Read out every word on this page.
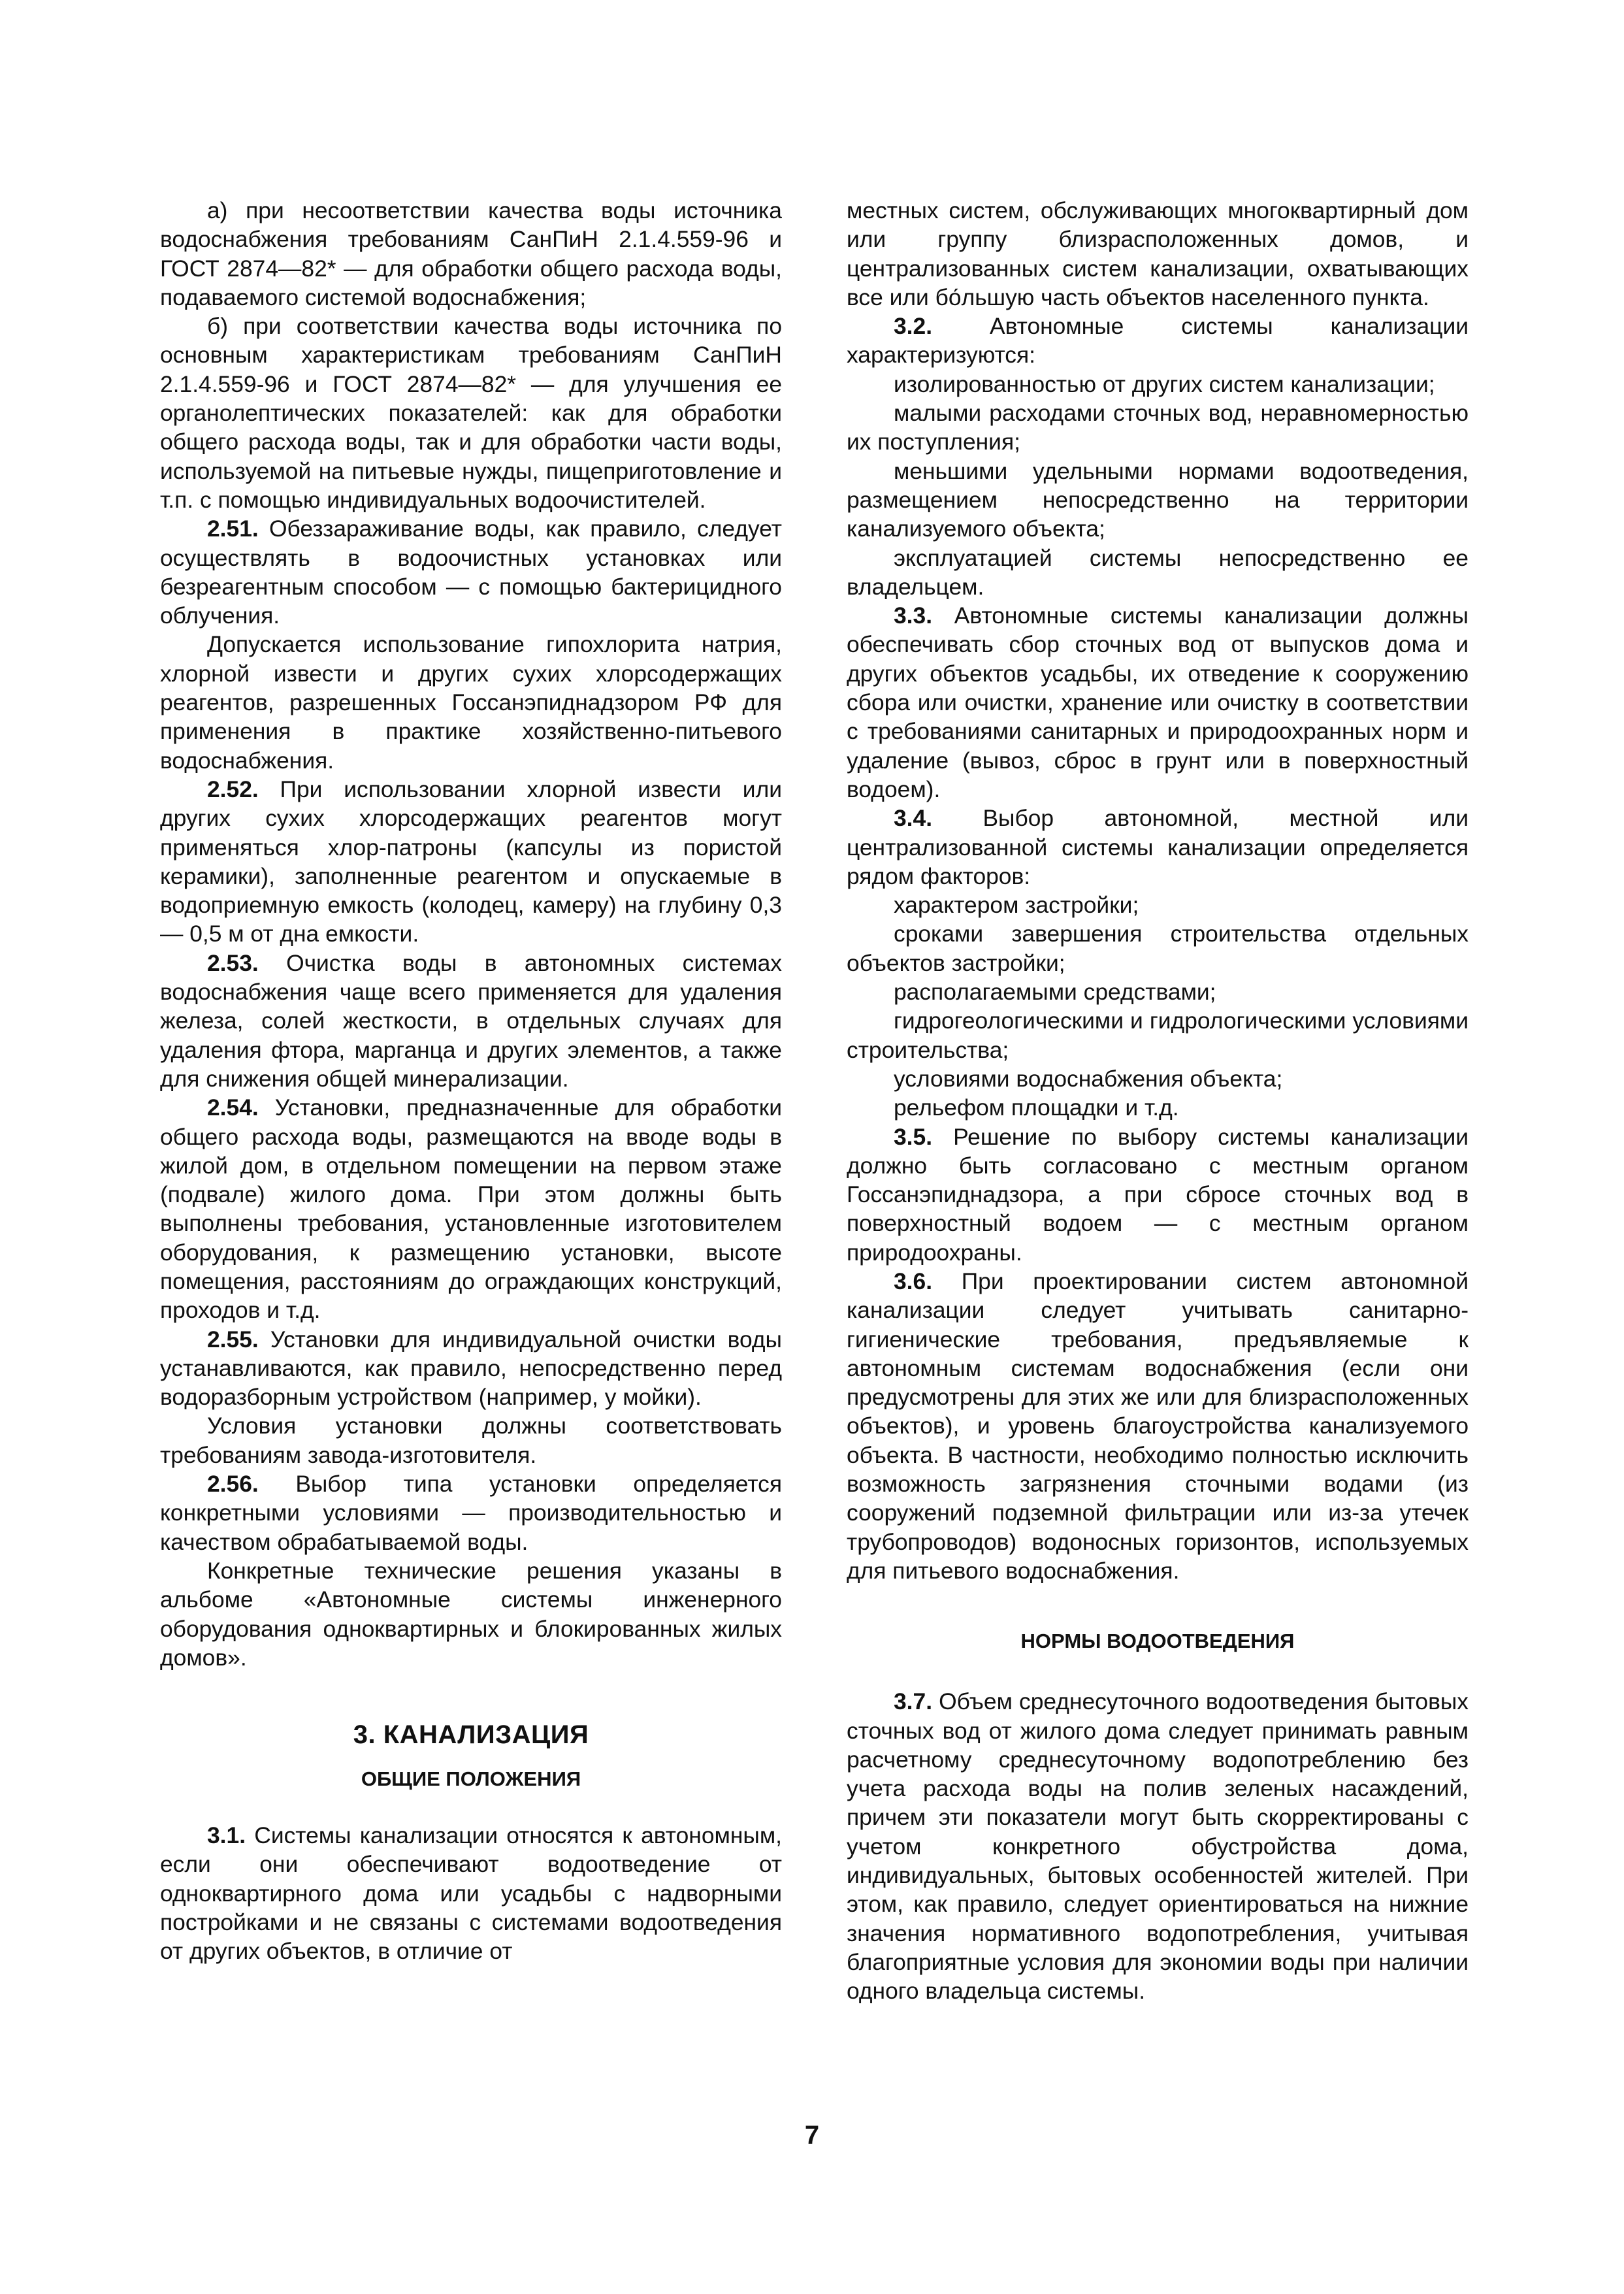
а) при несоответствии качества воды источника водоснабжения требованиям СанПиН 2.1.4.559-96 и ГОСТ 2874—82* — для обработки общего расхода воды, подаваемого системой водоснабжения;

б) при соответствии качества воды источника по основным характеристикам требованиям СанПиН 2.1.4.559-96 и ГОСТ 2874—82* — для улучшения ее органолептических показателей: как для обработки общего расхода воды, так и для обработки части воды, используемой на питьевые нужды, пищеприготовление и т.п. с помощью индивидуальных водоочистителей.

2.51. Обеззараживание воды, как правило, следует осуществлять в водоочистных установках или безреагентным способом — с помощью бактерицидного облучения.

Допускается использование гипохлорита натрия, хлорной извести и других сухих хлорсодержащих реагентов, разрешенных Госсанэпиднадзором РФ для применения в практике хозяйственно-питьевого водоснабжения.

2.52. При использовании хлорной извести или других сухих хлорсодержащих реагентов могут применяться хлор-патроны (капсулы из пористой керамики), заполненные реагентом и опускаемые в водоприемную емкость (колодец, камеру) на глубину 0,3 — 0,5 м от дна емкости.

2.53. Очистка воды в автономных системах водоснабжения чаще всего применяется для удаления железа, солей жесткости, в отдельных случаях для удаления фтора, марганца и других элементов, а также для снижения общей минерализации.

2.54. Установки, предназначенные для обработки общего расхода воды, размещаются на вводе воды в жилой дом, в отдельном помещении на первом этаже (подвале) жилого дома. При этом должны быть выполнены требования, установленные изготовителем оборудования, к размещению установки, высоте помещения, расстояниям до ограждающих конструкций, проходов и т.д.

2.55. Установки для индивидуальной очистки воды устанавливаются, как правило, непосредственно перед водоразборным устройством (например, у мойки).

Условия установки должны соответствовать требованиям завода-изготовителя.

2.56. Выбор типа установки определяется конкретными условиями — производительностью и качеством обрабатываемой воды.

Конкретные технические решения указаны в альбоме «Автономные системы инженерного оборудования одноквартирных и блокированных жилых домов».

3. КАНАЛИЗАЦИЯ
ОБЩИЕ ПОЛОЖЕНИЯ

3.1. Системы канализации относятся к автономным, если они обеспечивают водоотведение от одноквартирного дома или усадьбы с надворными постройками и не связаны с системами водоотведения от других объектов, в отличие от

местных систем, обслуживающих многоквартирный дом или группу близрасположенных домов, и централизованных систем канализации, охватывающих все или бо́льшую часть объектов населенного пункта.

3.2. Автономные системы канализации характеризуются:

изолированностью от других систем канализации;

малыми расходами сточных вод, неравномерностью их поступления;

меньшими удельными нормами водоотведения, размещением непосредственно на территории канализуемого объекта;

эксплуатацией системы непосредственно ее владельцем.

3.3. Автономные системы канализации должны обеспечивать сбор сточных вод от выпусков дома и других объектов усадьбы, их отведение к сооружению сбора или очистки, хранение или очистку в соответствии с требованиями санитарных и природоохранных норм и удаление (вывоз, сброс в грунт или в поверхностный водоем).

3.4. Выбор автономной, местной или централизованной системы канализации определяется рядом факторов:

характером застройки;

сроками завершения строительства отдельных объектов застройки;

располагаемыми средствами;

гидрогеологическими и гидрологическими условиями строительства;

условиями водоснабжения объекта;

рельефом площадки и т.д.

3.5. Решение по выбору системы канализации должно быть согласовано с местным органом Госсанэпиднадзора, а при сбросе сточных вод в поверхностный водоем — с местным органом природоохраны.

3.6. При проектировании систем автономной канализации следует учитывать санитарно-гигиенические требования, предъявляемые к автономным системам водоснабжения (если они предусмотрены для этих же или для близрасположенных объектов), и уровень благоустройства канализуемого объекта. В частности, необходимо полностью исключить возможность загрязнения сточными водами (из сооружений подземной фильтрации или из-за утечек трубопроводов) водоносных горизонтов, используемых для питьевого водоснабжения.

НОРМЫ ВОДООТВЕДЕНИЯ

3.7. Объем среднесуточного водоотведения бытовых сточных вод от жилого дома следует принимать равным расчетному среднесуточному водопотреблению без учета расхода воды на полив зеленых насаждений, причем эти показатели могут быть скорректированы с учетом конкретного обустройства дома, индивидуальных, бытовых особенностей жителей. При этом, как правило, следует ориентироваться на нижние значения нормативного водопотребления, учитывая благоприятные условия для экономии воды при наличии одного владельца системы.

7
